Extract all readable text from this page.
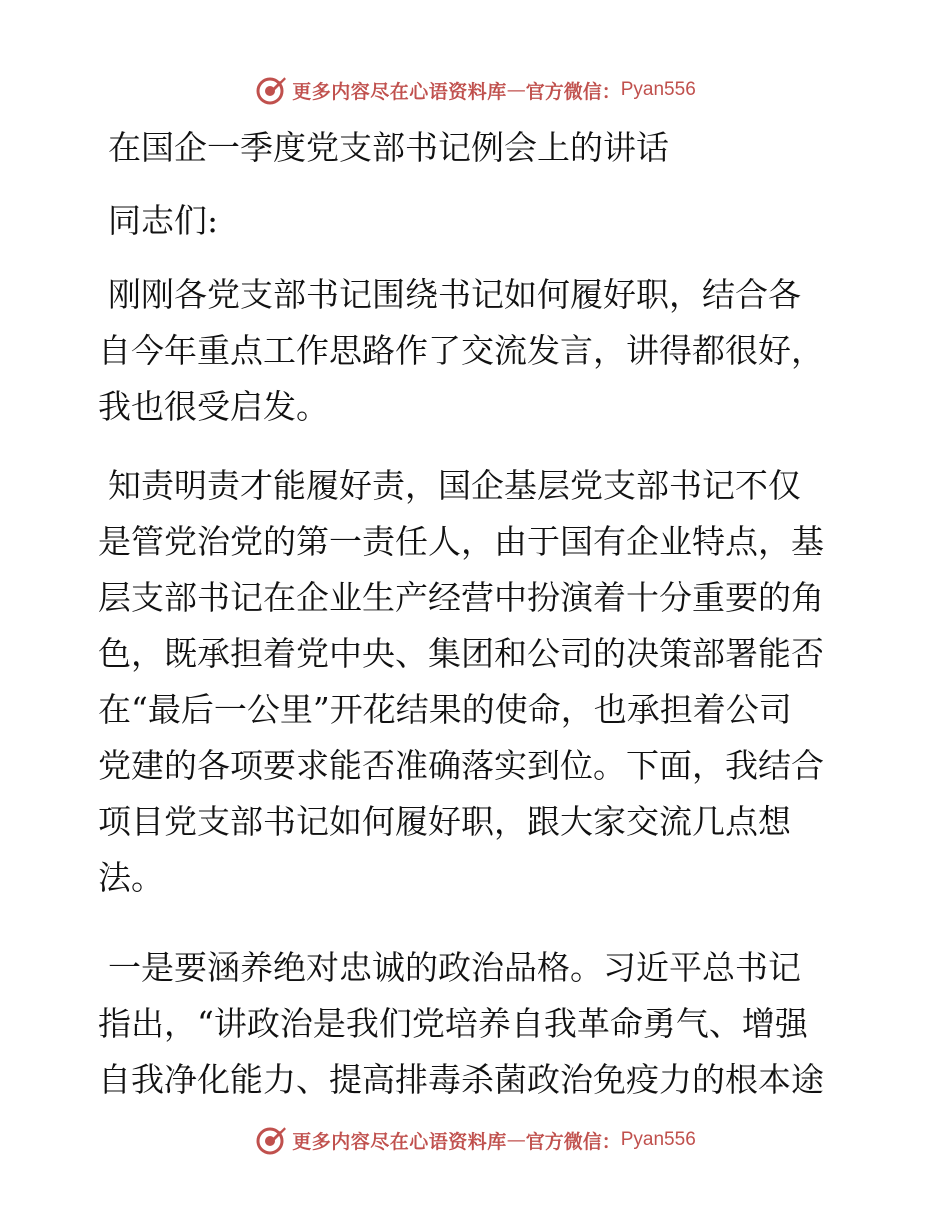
更多内容尽在心语资料库 — 官方微信： Pyan556
在国企一季度党支部书记例会上的讲话
同志们:
刚刚各党支部书记围绕书记如何履好职，结合各
自今年重点工作思路作了交流发言，讲得都很好，
我也很受启发。
知责明责才能履好责，国企基层党支部书记不仅
是管党治党的第一责任人，由于国有企业特点，基
层支部书记在企业生产经营中扮演着十分重要的角
色，既承担着党中央、集团和公司的决策部署能否
在“最后一公里”开花结果的使命，也承担着公司
党建的各项要求能否准确落实到位。下面，我结合
项目党支部书记如何履好职，跟大家交流几点想
法。
一是要涵养绝对忠诚的政治品格。习近平总书记
指出，“讲政治是我们党培养自我革命勇气、增强
自我净化能力、提高排毒杀菌政治免疫力的根本途
更多内容尽在心语资料库 — 官方微信： Pyan556
